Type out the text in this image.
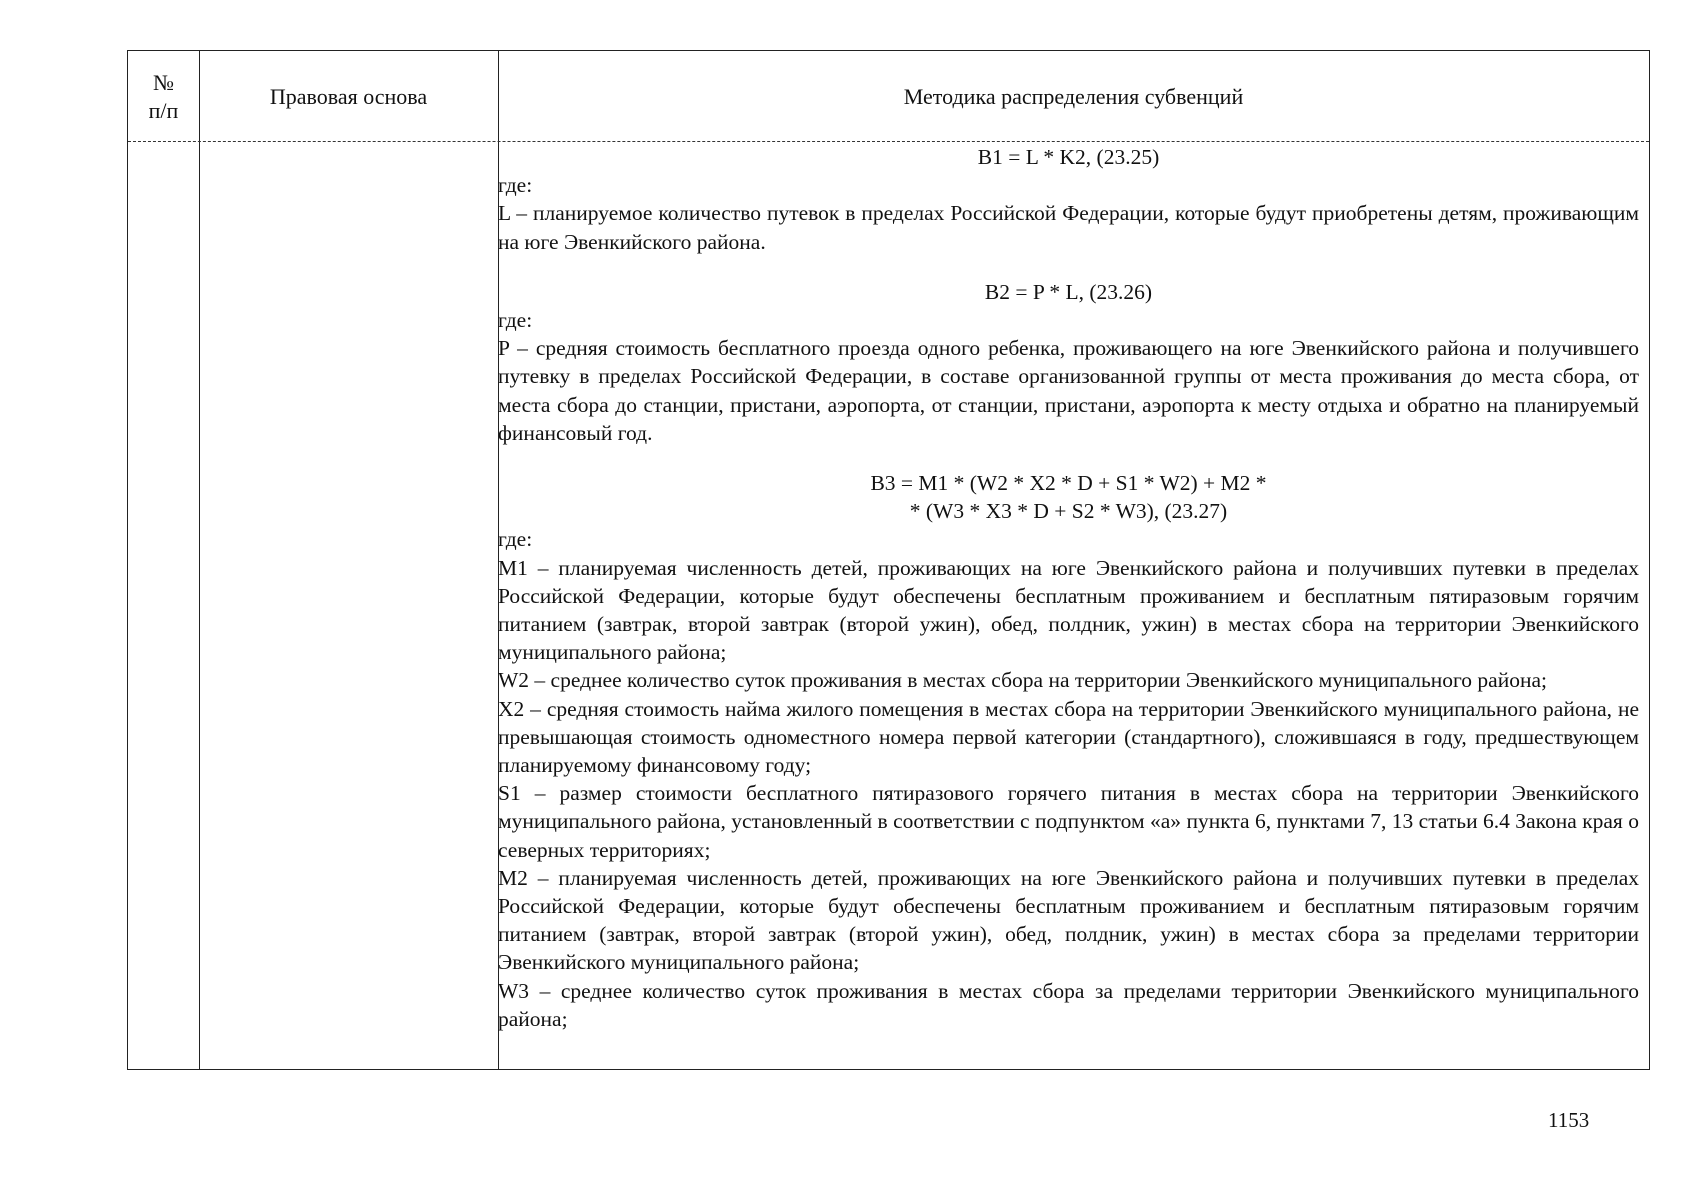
№
п/п
Правовая основа	Методика распределения субвенций
B1 = L * K2, (23.25)
где:
L – планируемое количество путевок в пределах Российской Федерации, которые будут приобретены детям, проживающим на юге Эвенкийского района.
B2 = P * L, (23.26)
где:
P – средняя стоимость бесплатного проезда одного ребенка, проживающего на юге Эвенкийского района и получившего путевку в пределах Российской Федерации, в составе организованной группы от места проживания до места сбора, от места сбора до станции, пристани, аэропорта, от станции, пристани, аэропорта к месту отдыха и обратно на планируемый финансовый год.
B3 = M1 * (W2 * X2 * D + S1 * W2) + M2 *
* (W3 * X3 * D + S2 * W3), (23.27)
где:
M1 – планируемая численность детей, проживающих на юге Эвенкийского района и получивших путевки в пределах Российской Федерации, которые будут обеспечены бесплатным проживанием и бесплатным пятиразовым горячим питанием (завтрак, второй завтрак (второй ужин), обед, полдник, ужин) в местах сбора на территории Эвенкийского муниципального района;
W2 – среднее количество суток проживания в местах сбора на территории Эвенкийского муниципального района;
X2 – средняя стоимость найма жилого помещения в местах сбора на территории Эвенкийского муниципального района, не превышающая стоимость одноместного номера первой категории (стандартного), сложившаяся в году, предшествующем планируемому финансовому году;
S1 – размер стоимости бесплатного пятиразового горячего питания в местах сбора на территории Эвенкийского муниципального района, установленный в соответствии с подпунктом «а» пункта 6, пунктами 7, 13 статьи 6.4 Закона края о северных территориях;
M2 – планируемая численность детей, проживающих на юге Эвенкийского района и получивших путевки в пределах Российской Федерации, которые будут обеспечены бесплатным проживанием и бесплатным пятиразовым горячим питанием (завтрак, второй завтрак (второй ужин), обед, полдник, ужин) в местах сбора за пределами территории Эвенкийского муниципального района;
W3 – среднее количество суток проживания в местах сбора за пределами территории Эвенкийского муниципального района;
1153
